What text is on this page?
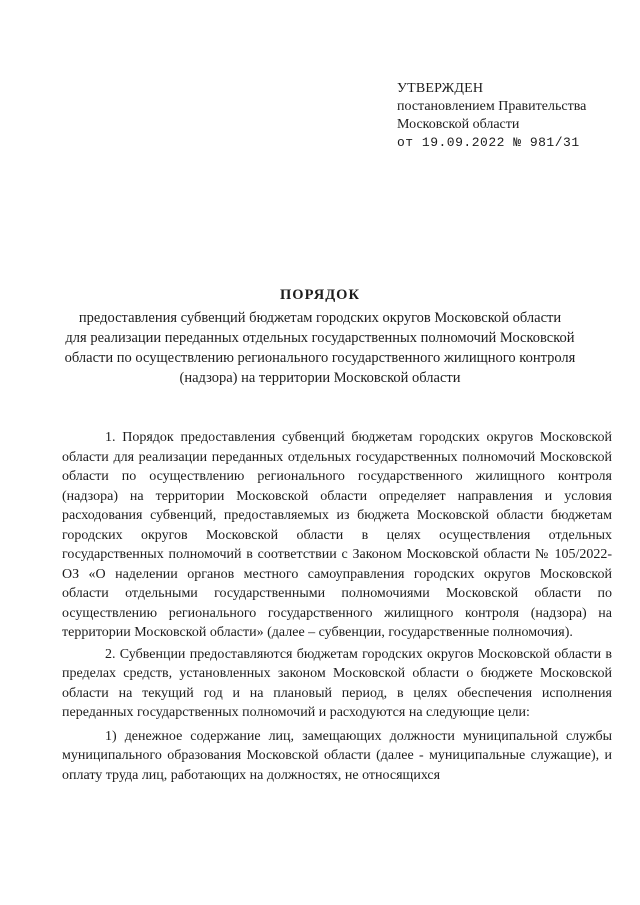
УТВЕРЖДЕН
постановлением Правительства
Московской области
от 19.09.2022 № 981/31
ПОРЯДОК
предоставления субвенций бюджетам городских округов Московской области
для реализации переданных отдельных государственных полномочий Московской
области по осуществлению регионального государственного жилищного контроля
(надзора) на территории Московской области

1. Порядок предоставления субвенций бюджетам городских округов Московской области для реализации переданных отдельных государственных полномочий Московской области по осуществлению регионального государственного жилищного контроля (надзора) на территории Московской области определяет направления и условия расходования субвенций, предоставляемых из бюджета Московской области бюджетам городских округов Московской области в целях осуществления отдельных государственных полномочий в соответствии с Законом Московской области № 105/2022-ОЗ «О наделении органов местного самоуправления городских округов Московской области отдельными государственными полномочиями Московской области по осуществлению регионального государственного жилищного контроля (надзора) на территории Московской области» (далее – субвенции, государственные полномочия).

2. Субвенции предоставляются бюджетам городских округов Московской области в пределах средств, установленных законом Московской области о бюджете Московской области на текущий год и на плановый период, в целях обеспечения исполнения переданных государственных полномочий и расходуются на следующие цели:

1) денежное содержание лиц, замещающих должности муниципальной службы муниципального образования Московской области (далее - муниципальные служащие), и оплату труда лиц, работающих на должностях, не относящихся
